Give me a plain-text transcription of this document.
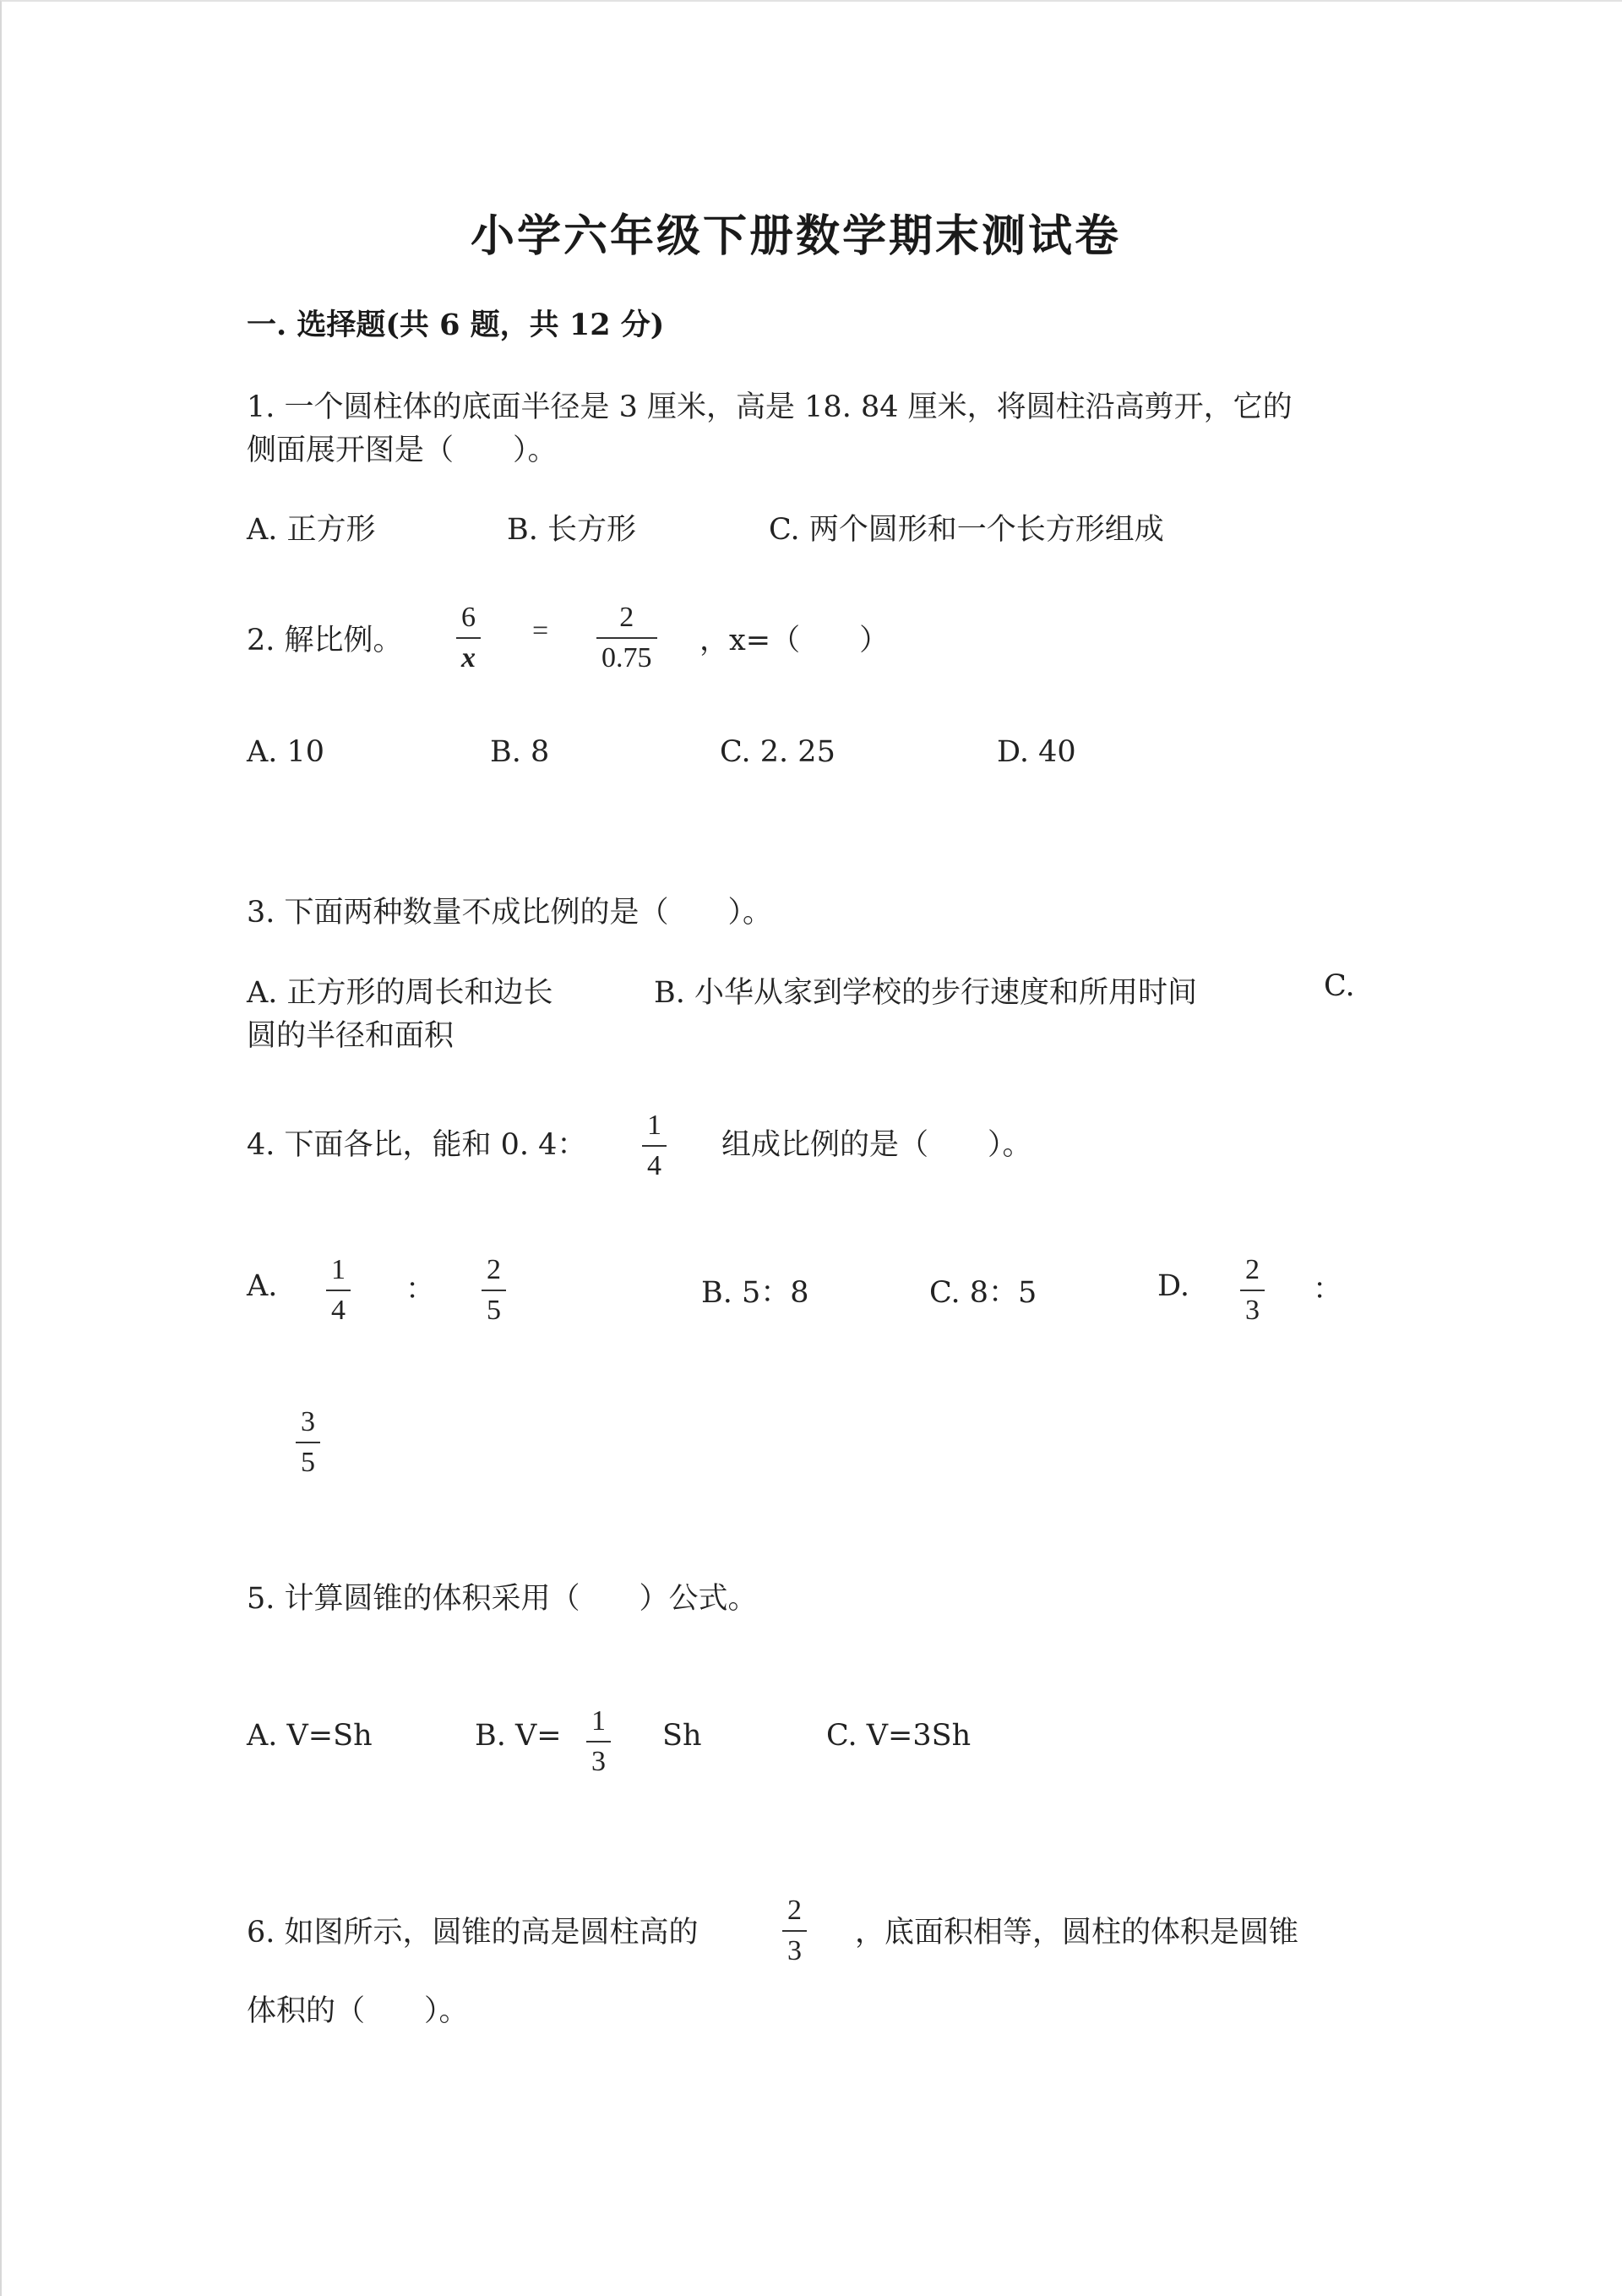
小学六年级下册数学期末测试卷
一. 选择题(共 6 题，共 12 分)
1. 一个圆柱体的底面半径是 3 厘米，高是 18. 84 厘米，将圆柱沿高剪开，它的
侧面展开图是（　　）。
A. 正方形	B. 长方形	C. 两个圆形和一个长方形组成
2. 解比例。
6
x
= 2
0.75
，x=（　　）
A. 10	B. 8	C. 2. 25	D. 40
3. 下面两种数量不成比例的是（　　）。
A. 正方形的周长和边长	B. 小华从家到学校的步行速度和所用时间	C.
圆的半径和面积
4. 下面各比，能和 0. 4：
1
4
组成比例的是（　　）。
A. 1
4
：
2
5
B. 5：8	C. 8：5	D. 2
3
：
3
5
5. 计算圆锥的体积采用（　　）公式。
A. V=Sh	B. V= 1
3
Sh	C. V=3Sh
6. 如图所示，圆锥的高是圆柱高的
2
3
，底面积相等，圆柱的体积是圆锥
体积的（　　）。
